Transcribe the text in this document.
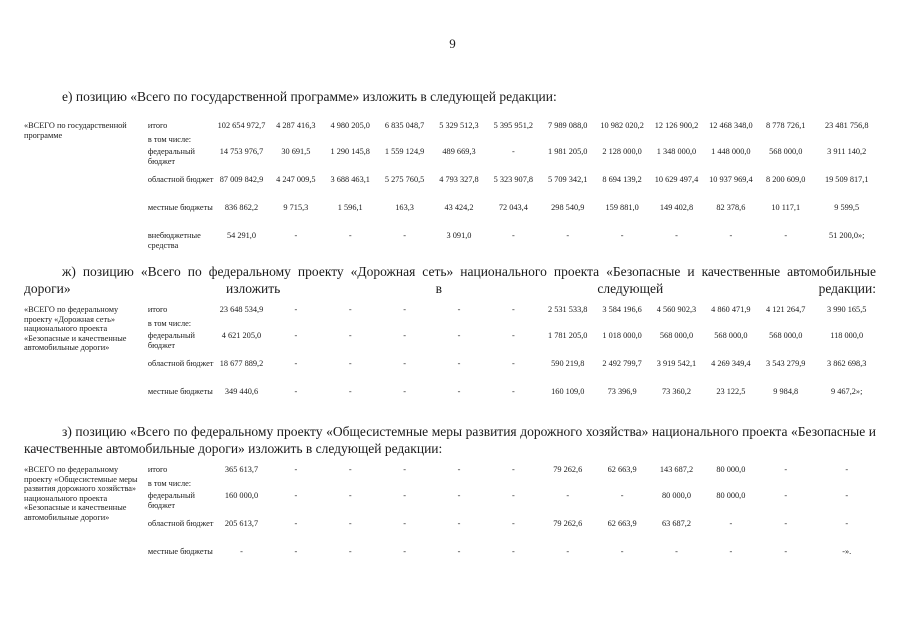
9
е) позицию «Всего по государственной программе» изложить в следующей редакции:
«ВСЕГО по государственной программе	итого	102 654 972,7	4 287 416,3	4 980 205,0	6 835 048,7	5 329 512,3	5 395 951,2	7 989 088,0	10 982 020,2	12 126 900,2	12 468 348,0	8 778 726,1	23 481 756,8
	в том числе:												
	федеральный бюджет	14 753 976,7	30 691,5	1 290 145,8	1 559 124,9	489 669,3	-	1 981 205,0	2 128 000,0	1 348 000,0	1 448 000,0	568 000,0	3 911 140,2
	областной бюджет	87 009 842,9	4 247 009,5	3 688 463,1	5 275 760,5	4 793 327,8	5 323 907,8	5 709 342,1	8 694 139,2	10 629 497,4	10 937 969,4	8 200 609,0	19 509 817,1
	местные бюджеты	836 862,2	9 715,3	1 596,1	163,3	43 424,2	72 043,4	298 540,9	159 881,0	149 402,8	82 378,6	10 117,1	9 599,5
	внебюджетные средства	54 291,0	-	-	-	3 091,0	-	-	-	-	-	-	51 200,0»;
ж) позицию «Всего по федеральному проекту «Дорожная сеть» национального проекта «Безопасные и качественные автомобильные дороги» изложить в следующей редакции:
«ВСЕГО по федеральному проекту «Дорожная сеть» национального проекта «Безопасные и качественные автомобильные дороги»	итого	23 648 534,9	-	-	-	-	-	2 531 533,8	3 584 196,6	4 560 902,3	4 860 471,9	4 121 264,7	3 990 165,5
	в том числе:												
	федеральный бюджет	4 621 205,0	-	-	-	-	-	1 781 205,0	1 018 000,0	568 000,0	568 000,0	568 000,0	118 000,0
	областной бюджет	18 677 889,2	-	-	-	-	-	590 219,8	2 492 799,7	3 919 542,1	4 269 349,4	3 543 279,9	3 862 698,3
	местные бюджеты	349 440,6	-	-	-	-	-	160 109,0	73 396,9	73 360,2	23 122,5	9 984,8	9 467,2»;
з) позицию «Всего по федеральному проекту «Общесистемные меры развития дорожного хозяйства» национального проекта «Безопасные и качественные автомобильные дороги» изложить в следующей редакции:
«ВСЕГО по федеральному проекту «Общесистемные меры развития дорожного хозяйства» национального проекта «Безопасные и качественные автомобильные дороги»	итого	365 613,7	-	-	-	-	-	79 262,6	62 663,9	143 687,2	80 000,0	-	-
	в том числе:												
	федеральный бюджет	160 000,0	-	-	-	-	-	-	-	80 000,0	80 000,0	-	-
	областной бюджет	205 613,7	-	-	-	-	-	79 262,6	62 663,9	63 687,2	-	-	-
	местные бюджеты	-	-	-	-	-	-	-	-	-	-	-	-».
